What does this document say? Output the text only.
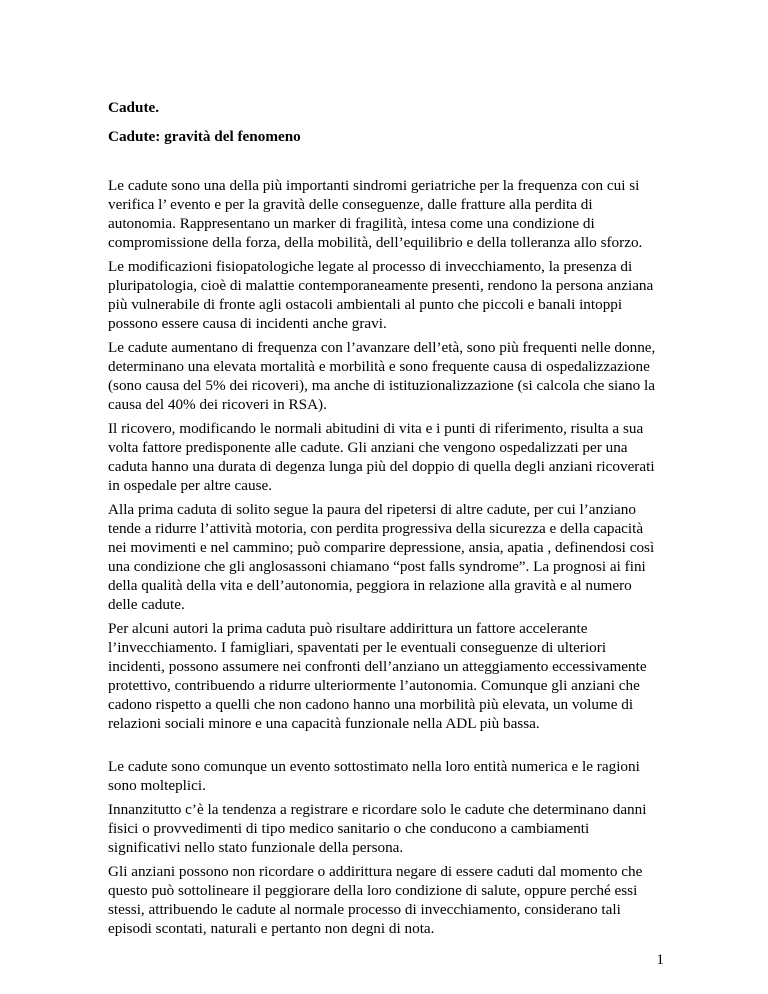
Cadute.
Cadute: gravità del fenomeno

Le cadute sono una della più importanti sindromi geriatriche per la frequenza con cui si verifica l’ evento e per la gravità delle conseguenze, dalle fratture alla perdita di autonomia. Rappresentano un marker di fragilità, intesa come una condizione di compromissione della forza, della mobilità, dell’equilibrio e della tolleranza allo sforzo.

Le modificazioni fisiopatologiche legate al processo di invecchiamento, la presenza di pluripatologia, cioè di malattie contemporaneamente presenti, rendono la persona anziana più vulnerabile di fronte agli ostacoli ambientali al punto che piccoli e banali intoppi possono essere causa di incidenti anche gravi.

Le cadute aumentano di frequenza con l’avanzare dell’età, sono più frequenti nelle donne, determinano una elevata mortalità e morbilità e sono frequente causa di ospedalizzazione (sono causa del 5% dei ricoveri), ma anche di istituzionalizzazione (si calcola che siano la causa del 40% dei ricoveri in RSA).

Il ricovero, modificando le normali abitudini di vita e i punti di riferimento, risulta a sua volta fattore predisponente alle cadute. Gli anziani che vengono ospedalizzati per una caduta hanno una durata di degenza lunga più del doppio di quella degli anziani ricoverati in ospedale per altre cause.

Alla prima caduta di solito segue la paura del ripetersi di altre cadute, per cui l’anziano tende a ridurre l’attività motoria, con perdita progressiva della sicurezza e della capacità nei movimenti e nel cammino; può comparire depressione, ansia, apatia , definendosi così una condizione che gli anglosassoni chiamano “post falls syndrome”. La prognosi ai fini della qualità della vita e dell’autonomia, peggiora in relazione alla gravità e al numero delle cadute.

Per alcuni autori la prima caduta può risultare addirittura un fattore accelerante l’invecchiamento. I famigliari, spaventati per le eventuali conseguenze di ulteriori incidenti, possono assumere nei confronti dell’anziano un atteggiamento eccessivamente protettivo, contribuendo a ridurre ulteriormente l’autonomia. Comunque gli anziani che cadono rispetto a quelli che non cadono hanno una morbilità più elevata, un volume di relazioni sociali minore e una capacità funzionale nella ADL più bassa.

Le cadute sono comunque un evento sottostimato nella loro entità numerica e le ragioni sono molteplici.

Innanzitutto c’è la tendenza a registrare e ricordare solo le cadute che determinano danni fisici o provvedimenti di tipo medico sanitario o che conducono a cambiamenti significativi nello stato funzionale della persona.

Gli anziani possono non ricordare o addirittura negare di essere caduti dal momento che questo può sottolineare il peggiorare della loro condizione di salute, oppure perché essi stessi, attribuendo le cadute al normale processo di invecchiamento, considerano tali episodi scontati, naturali e pertanto non degni di nota.

1
